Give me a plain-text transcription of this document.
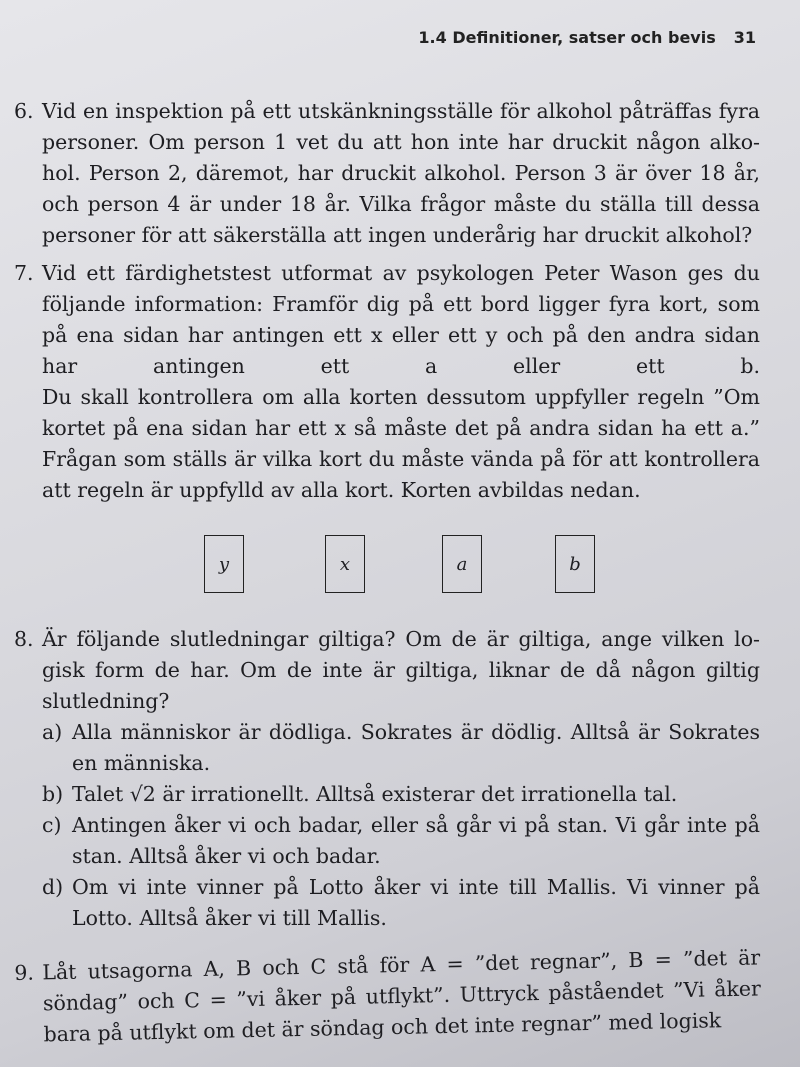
1.4 Definitioner, satser och bevis 31
6. Vid en inspektion på ett utskänkningsställe för alkohol påträffas fyra
personer. Om person 1 vet du att hon inte har druckit någon alko-
hol. Person 2, däremot, har druckit alkohol. Person 3 är över 18 år,
och person 4 är under 18 år. Vilka frågor måste du ställa till dessa
personer för att säkerställa att ingen underårig har druckit alkohol?
7. Vid ett färdighetstest utformat av psykologen Peter Wason ges du
följande information: Framför dig på ett bord ligger fyra kort, som
på ena sidan har antingen ett x eller ett y och på den andra sidan
har antingen ett a eller ett b.
Du skall kontrollera om alla korten dessutom uppfyller regeln ”Om
kortet på ena sidan har ett x så måste det på andra sidan ha ett a.”
Frågan som ställs är vilka kort du måste vända på för att kontrollera
att regeln är uppfylld av alla kort. Korten avbildas nedan.
y	x	a	b
8. Är följande slutledningar giltiga? Om de är giltiga, ange vilken lo-
gisk form de har. Om de inte är giltiga, liknar de då någon giltig
slutledning?
a) Alla människor är dödliga. Sokrates är dödlig. Alltså är Sokrates
en människa.
b) Talet √2 är irrationellt. Alltså existerar det irrationella tal.
c) Antingen åker vi och badar, eller så går vi på stan. Vi går inte på
stan. Alltså åker vi och badar.
d) Om vi inte vinner på Lotto åker vi inte till Mallis. Vi vinner på
Lotto. Alltså åker vi till Mallis.
9. Låt utsagorna A, B och C stå för A = ”det regnar”, B = ”det är
söndag” och C = ”vi åker på utflykt”. Uttryck påståendet ”Vi åker
bara på utflykt om det är söndag och det inte regnar” med logisk
